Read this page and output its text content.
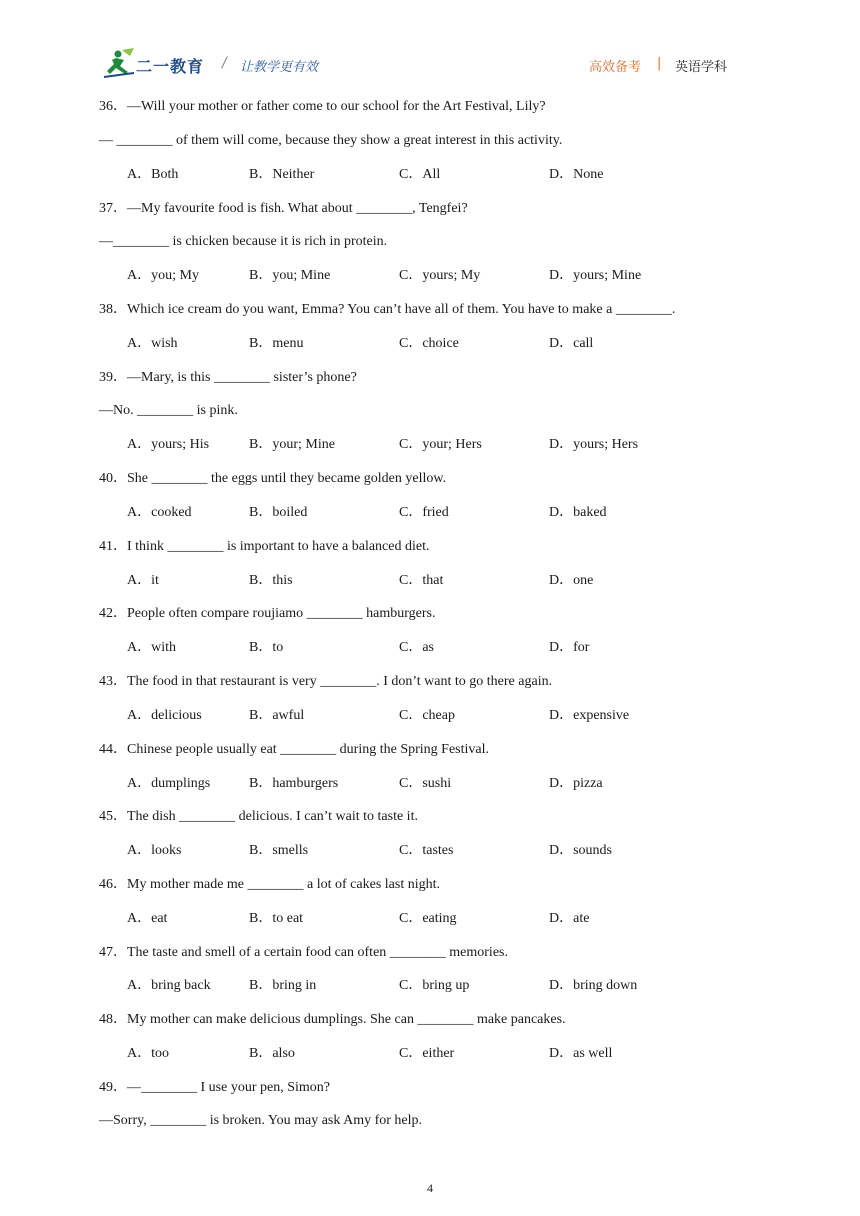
二一教育 / 让教学更有效	高效备考 | 英语学科
36．—Will your mother or father come to our school for the Art Festival, Lily?
— ________ of them will come, because they show a great interest in this activity.
A．Both	B．Neither	C．All	D．None
37．—My favourite food is fish. What about ________, Tengfei?
—________ is chicken because it is rich in protein.
A．you; My	B．you; Mine	C．yours; My	D．yours; Mine
38．Which ice cream do you want, Emma? You can’t have all of them. You have to make a ________.
A．wish	B．menu	C．choice	D．call
39．—Mary, is this ________ sister’s phone?
—No. ________ is pink.
A．yours; His	B．your; Mine	C．your; Hers	D．yours; Hers
40．She ________ the eggs until they became golden yellow.
A．cooked	B．boiled	C．fried	D．baked
41．I think ________ is important to have a balanced diet.
A．it	B．this	C．that	D．one
42．People often compare roujiamo ________ hamburgers.
A．with	B．to	C．as	D．for
43．The food in that restaurant is very ________. I don’t want to go there again.
A．delicious	B．awful	C．cheap	D．expensive
44．Chinese people usually eat ________ during the Spring Festival.
A．dumplings	B．hamburgers	C．sushi	D．pizza
45．The dish ________ delicious. I can’t wait to taste it.
A．looks	B．smells	C．tastes	D．sounds
46．My mother made me ________ a lot of cakes last night.
A．eat	B．to eat	C．eating	D．ate
47．The taste and smell of a certain food can often ________ memories.
A．bring back	B．bring in	C．bring up	D．bring down
48．My mother can make delicious dumplings. She can ________ make pancakes.
A．too	B．also	C．either	D．as well
49．—________ I use your pen, Simon?
—Sorry, ________ is broken. You may ask Amy for help.
4
